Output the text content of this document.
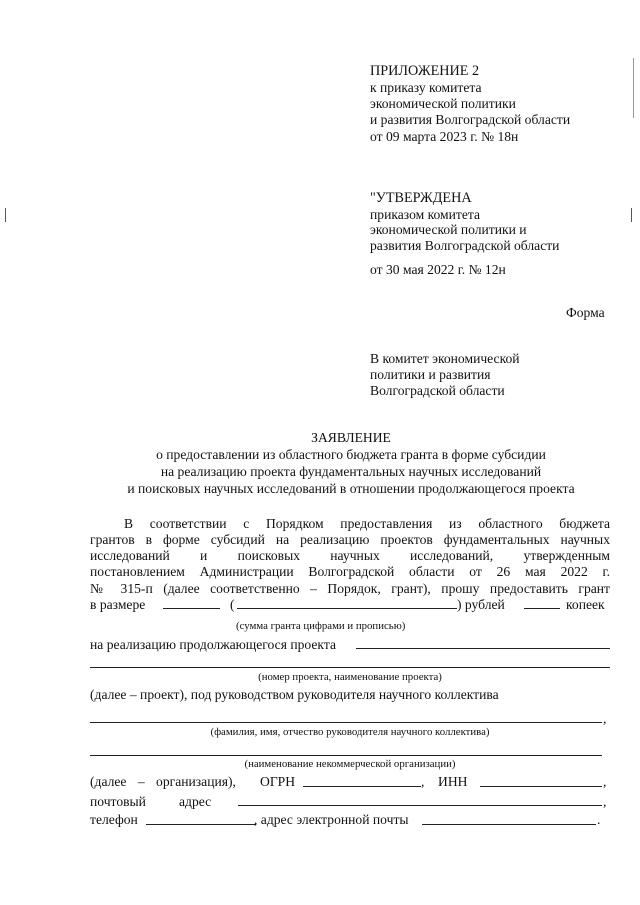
ПРИЛОЖЕНИЕ 2

к приказу комитета

экономической политики

и развития Волгоградской области

от 09 марта 2023 г. № 18н

"УТВЕРЖДЕНА

приказом комитета

экономической политики и

развития Волгоградской области

от 30 мая 2022 г. № 12н

Форма

В комитет экономической

политики и развития

Волгоградской области

ЗАЯВЛЕНИЕ

о предоставлении из областного бюджета гранта в форме субсидии

на реализацию проекта фундаментальных научных исследований

и поисковых научных исследований в отношении продолжающегося проекта

В соответствии с Порядком предоставления из областного бюджета

грантов в форме субсидий на реализацию проектов фундаментальных научных

исследований и поисковых научных исследований, утвержденным

постановлением Администрации Волгоградской области от 26 мая 2022 г.

№ 315-п (далее соответственно – Порядок, грант), прошу предоставить грант

в размере	(	) рублей	копеек

(сумма гранта цифрами и прописью)

на реализацию продолжающегося проекта

(номер проекта, наименование проекта)

(далее – проект), под руководством руководителя научного коллектива

,

(фамилия, имя, отчество руководителя научного коллектива)

(наименование некоммерческой организации)

(далее – организация), ОГРН	, ИНН	,

почтовый адрес	,

телефон	, адрес электронной почты	.
